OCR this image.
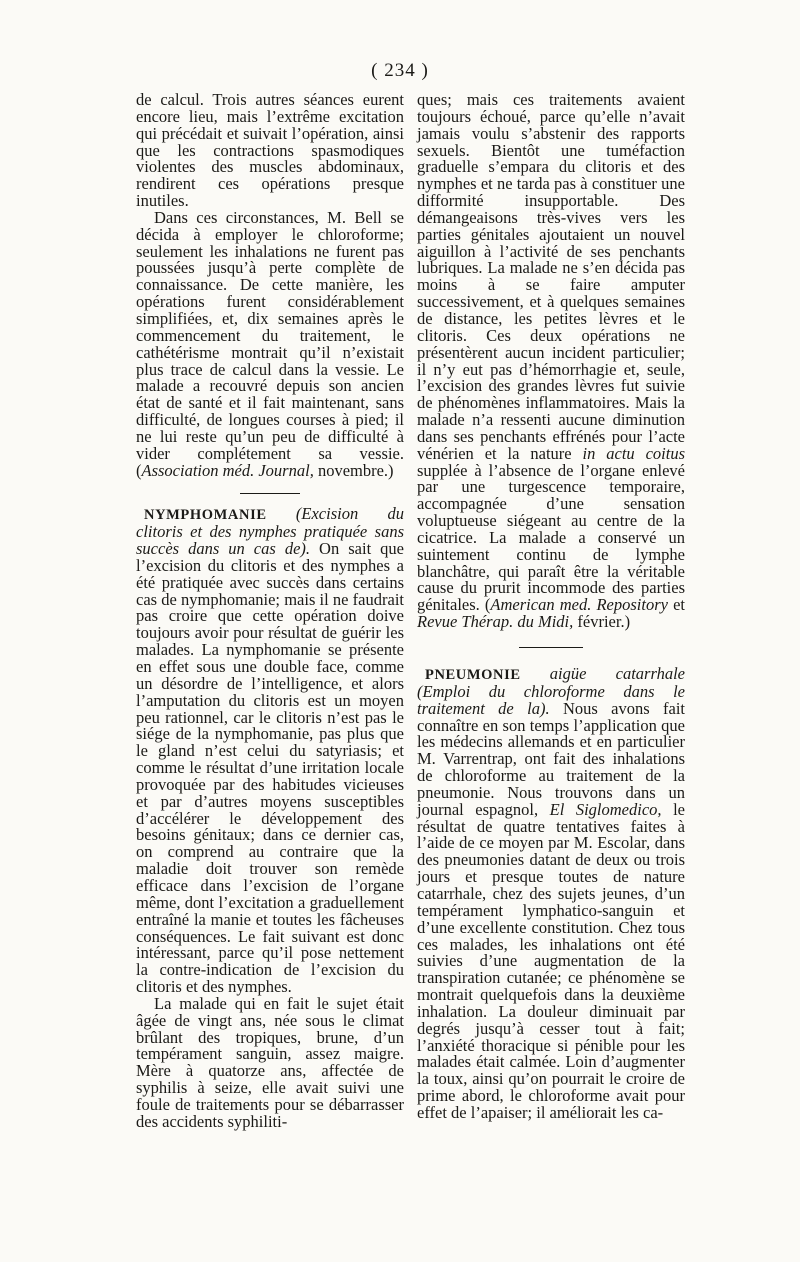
( 234 )

de calcul. Trois autres séances eurent encore lieu, mais l’extrême excitation qui précédait et suivait l’opération, ainsi que les contractions spasmodiques violentes des muscles abdominaux, rendirent ces opérations presque inutiles.

Dans ces circonstances, M. Bell se décida à employer le chloroforme; seulement les inhalations ne furent pas poussées jusqu’à perte complète de connaissance. De cette manière, les opérations furent considérablement simplifiées, et, dix semaines après le commencement du traitement, le cathétérisme montrait qu’il n’existait plus trace de calcul dans la vessie. Le malade a recouvré depuis son ancien état de santé et il fait maintenant, sans difficulté, de longues courses à pied; il ne lui reste qu’un peu de difficulté à vider complétement sa vessie. (Association méd. Journal, novembre.)

NYMPHOMANIE (Excision du clitoris et des nymphes pratiquée sans succès dans un cas de). On sait que l’excision du clitoris et des nymphes a été pratiquée avec succès dans certains cas de nymphomanie; mais il ne faudrait pas croire que cette opération doive toujours avoir pour résultat de guérir les malades. La nymphomanie se présente en effet sous une double face, comme un désordre de l’intelligence, et alors l’amputation du clitoris est un moyen peu rationnel, car le clitoris n’est pas le siége de la nymphomanie, pas plus que le gland n’est celui du satyriasis; et comme le résultat d’une irritation locale provoquée par des habitudes vicieuses et par d’autres moyens susceptibles d’accélérer le développement des besoins génitaux; dans ce dernier cas, on comprend au contraire que la maladie doit trouver son remède efficace dans l’excision de l’organe même, dont l’excitation a graduellement entraîné la manie et toutes les fâcheuses conséquences. Le fait suivant est donc intéressant, parce qu’il pose nettement la contre-indication de l’excision du clitoris et des nymphes.

La malade qui en fait le sujet était âgée de vingt ans, née sous le climat brûlant des tropiques, brune, d’un tempérament sanguin, assez maigre. Mère à quatorze ans, affectée de syphilis à seize, elle avait suivi une foule de traitements pour se débarrasser des accidents syphiliti-

ques; mais ces traitements avaient toujours échoué, parce qu’elle n’avait jamais voulu s’abstenir des rapports sexuels. Bientôt une tuméfaction graduelle s’empara du clitoris et des nymphes et ne tarda pas à constituer une difformité insupportable. Des démangeaisons très-vives vers les parties génitales ajoutaient un nouvel aiguillon à l’activité de ses penchants lubriques. La malade ne s’en décida pas moins à se faire amputer successivement, et à quelques semaines de distance, les petites lèvres et le clitoris. Ces deux opérations ne présentèrent aucun incident particulier; il n’y eut pas d’hémorrhagie et, seule, l’excision des grandes lèvres fut suivie de phénomènes inflammatoires. Mais la malade n’a ressenti aucune diminution dans ses penchants effrénés pour l’acte vénérien et la nature in actu coitus supplée à l’absence de l’organe enlevé par une turgescence temporaire, accompagnée d’une sensation voluptueuse siégeant au centre de la cicatrice. La malade a conservé un suintement continu de lymphe blanchâtre, qui paraît être la véritable cause du prurit incommode des parties génitales. (American med. Repository et Revue Thérap. du Midi, février.)

PNEUMONIE aigüe catarrhale (Emploi du chloroforme dans le traitement de la). Nous avons fait connaître en son temps l’application que les médecins allemands et en particulier M. Varrentrap, ont fait des inhalations de chloroforme au traitement de la pneumonie. Nous trouvons dans un journal espagnol, El Siglomedico, le résultat de quatre tentatives faites à l’aide de ce moyen par M. Escolar, dans des pneumonies datant de deux ou trois jours et presque toutes de nature catarrhale, chez des sujets jeunes, d’un tempérament lymphatico-sanguin et d’une excellente constitution. Chez tous ces malades, les inhalations ont été suivies d’une augmentation de la transpiration cutanée; ce phénomène se montrait quelquefois dans la deuxième inhalation. La douleur diminuait par degrés jusqu’à cesser tout à fait; l’anxiété thoracique si pénible pour les malades était calmée. Loin d’augmenter la toux, ainsi qu’on pourrait le croire de prime abord, le chloroforme avait pour effet de l’apaiser; il améliorait les ca-
